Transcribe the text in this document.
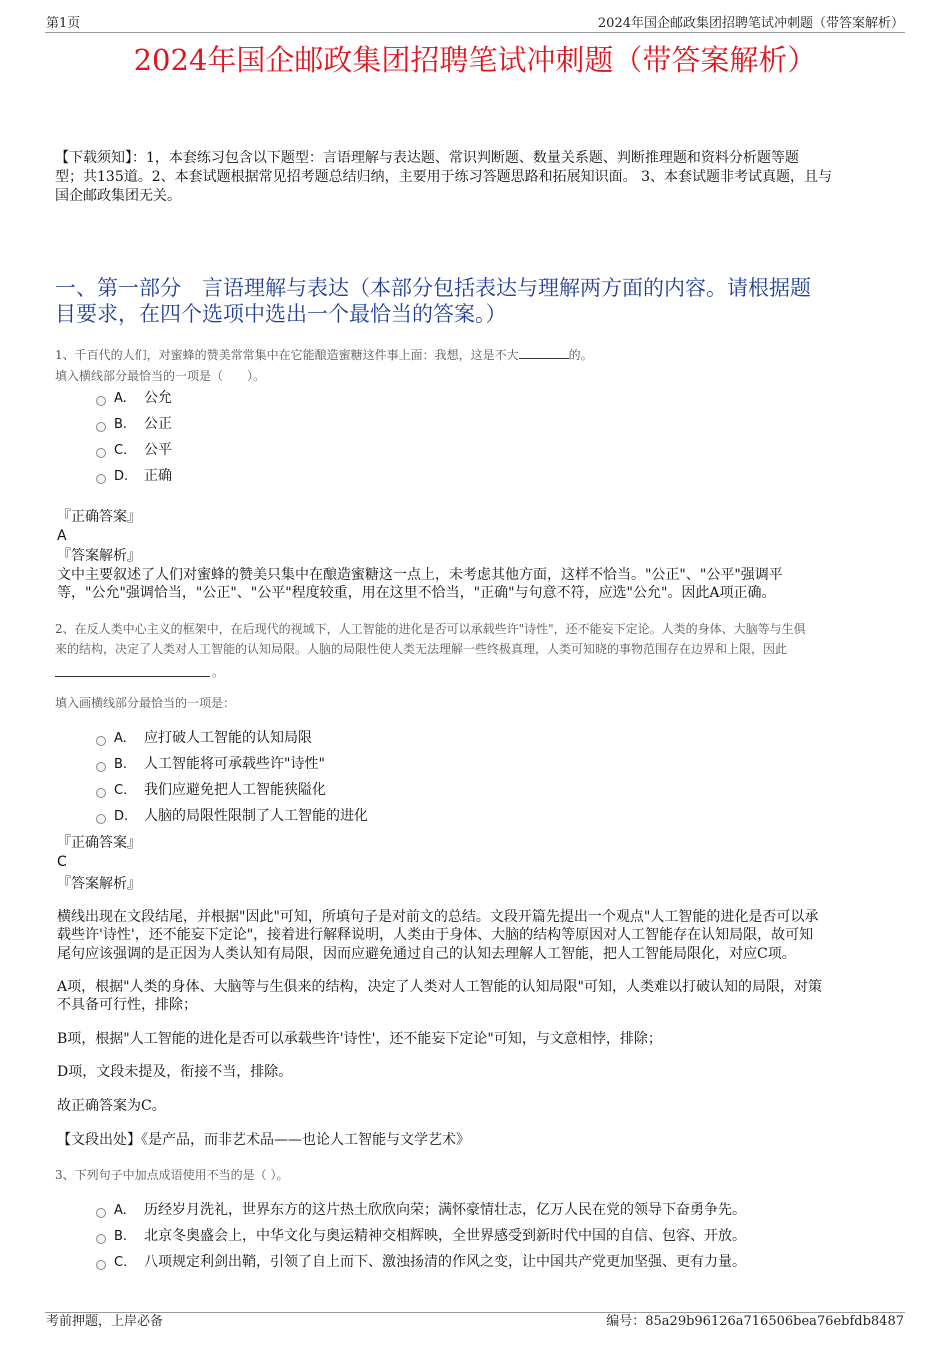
第1页	2024年国企邮政集团招聘笔试冲刺题（带答案解析）
2024年国企邮政集团招聘笔试冲刺题（带答案解析）
【下载须知】：1，本套练习包含以下题型：言语理解与表达题、常识判断题、数量关系题、判断推理题和资料分析题等题
型；共135道。2、本套试题根据常见招考题总结归纳，主要用于练习答题思路和拓展知识面。 3、本套试题非考试真题，且与
国企邮政集团无关。
一、第一部分　言语理解与表达（本部分包括表达与理解两方面的内容。请根据题
目要求，在四个选项中选出一个最恰当的答案。）
1、千百代的人们，对蜜蜂的赞美常常集中在它能酿造蜜糖这件事上面：我想，这是不大	的。
填入横线部分最恰当的一项是（　　）。
A.	公允
B.	公正
C.	公平
D.	正确
『正确答案』
A
『答案解析』
文中主要叙述了人们对蜜蜂的赞美只集中在酿造蜜糖这一点上，未考虑其他方面，这样不恰当。"公正"、"公平"强调平
等，"公允"强调恰当，"公正"、"公平"程度较重，用在这里不恰当，"正确"与句意不符，应选"公允"。因此A项正确。
2、在反人类中心主义的框架中，在后现代的视域下，人工智能的进化是否可以承载些许"诗性"，还不能妄下定论。人类的身体、大脑等与生俱
来的结构，决定了人类对人工智能的认知局限。人脑的局限性使人类无法理解一些终极真理，人类可知晓的事物范围存在边界和上限，因此
。
填入画横线部分最恰当的一项是：
A.	应打破人工智能的认知局限
B.	人工智能将可承载些许"诗性"
C.	我们应避免把人工智能狭隘化
D.	人脑的局限性限制了人工智能的进化
『正确答案』
C
『答案解析』
横线出现在文段结尾，并根据"因此"可知，所填句子是对前文的总结。文段开篇先提出一个观点"人工智能的进化是否可以承
载些许'诗性'，还不能妄下定论"，接着进行解释说明，人类由于身体、大脑的结构等原因对人工智能存在认知局限，故可知
尾句应该强调的是正因为人类认知有局限，因而应避免通过自己的认知去理解人工智能，把人工智能局限化，对应C项。
A项，根据"人类的身体、大脑等与生俱来的结构，决定了人类对人工智能的认知局限"可知，人类难以打破认知的局限，对策
不具备可行性，排除；
B项，根据"人工智能的进化是否可以承载些许'诗性'，还不能妄下定论"可知，与文意相悖，排除；
D项，文段未提及，衔接不当，排除。
故正确答案为C。
【文段出处】《是产品，而非艺术品——也论人工智能与文学艺术》
3、下列句子中加点成语使用不当的是（ ）。
A.	历经岁月洗礼，世界东方的这片热土欣欣向荣；满怀豪情壮志，亿万人民在党的领导下奋勇争先。
B.	北京冬奥盛会上，中华文化与奥运精神交相辉映，全世界感受到新时代中国的自信、包容、开放。
C.	八项规定利剑出鞘，引领了自上而下、激浊扬清的作风之变，让中国共产党更加坚强、更有力量。
考前押题，上岸必备	编号：85a29b96126a716506bea76ebfdb8487
